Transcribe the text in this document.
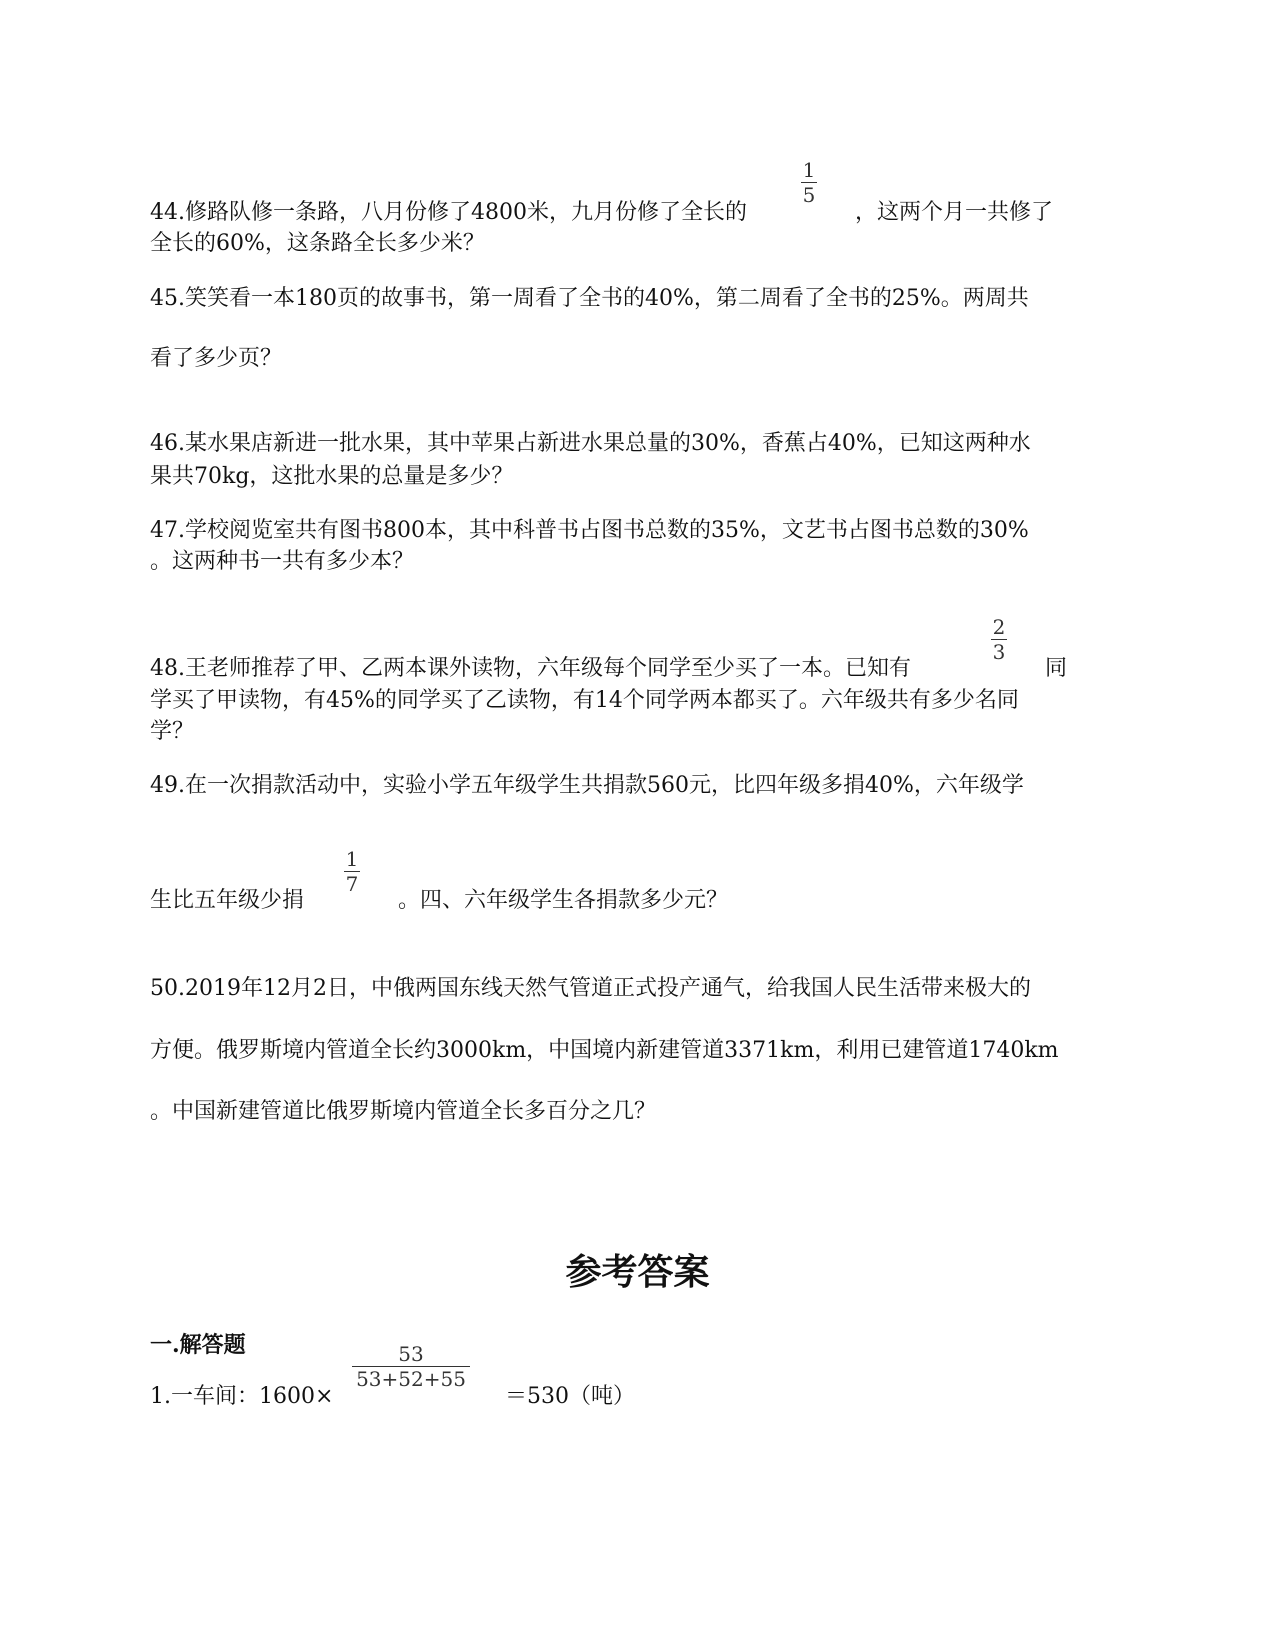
44.修路队修一条路，八月份修了4800米，九月份修了全长的
1
5
，这两个月一共修了
全长的60%，这条路全长多少米？
45.笑笑看一本180页的故事书，第一周看了全书的40%，第二周看了全书的25%。两周共
看了多少页？
46.某水果店新进一批水果，其中苹果占新进水果总量的30%，香蕉占40%，已知这两种水
果共70kg，这批水果的总量是多少？
47.学校阅览室共有图书800本，其中科普书占图书总数的35%，文艺书占图书总数的30%
。这两种书一共有多少本？
48.王老师推荐了甲、乙两本课外读物，六年级每个同学至少买了一本。已知有
2
3
同
学买了甲读物，有45%的同学买了乙读物，有14个同学两本都买了。六年级共有多少名同
学？
49.在一次捐款活动中，实验小学五年级学生共捐款560元，比四年级多捐40%，六年级学
生比五年级少捐
1
7
。四、六年级学生各捐款多少元？
50.2019年12月2日，中俄两国东线天然气管道正式投产通气，给我国人民生活带来极大的
方便。俄罗斯境内管道全长约3000km，中国境内新建管道3371km，利用已建管道1740km
。中国新建管道比俄罗斯境内管道全长多百分之几？
参考答案
一.解答题
1.一车间：1600×
53
53+52+55
＝530（吨）
